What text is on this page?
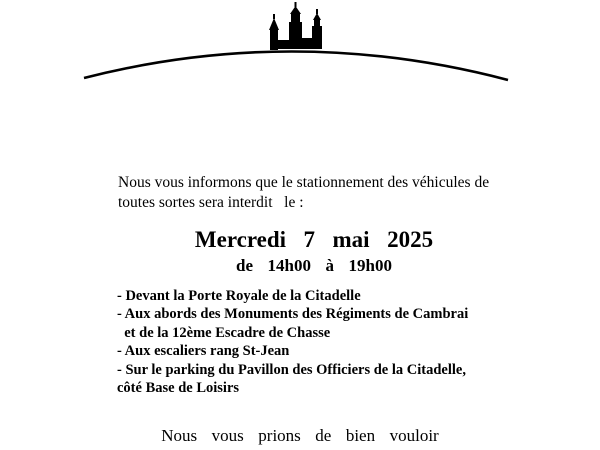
Nous vous informons que le stationnement des véhicules de
toutes sortes sera interdit   le :
Mercredi  7  mai  2025
de  14h00  à  19h00
- Devant la Porte Royale de la Citadelle
- Aux abords des Monuments des Régiments de Cambrai
et de la 12ème Escadre de Chasse
- Aux escaliers rang St-Jean
- Sur le parking du Pavillon des Officiers de la Citadelle,
côté Base de Loisirs
Nous  vous  prions  de  bien  vouloir
